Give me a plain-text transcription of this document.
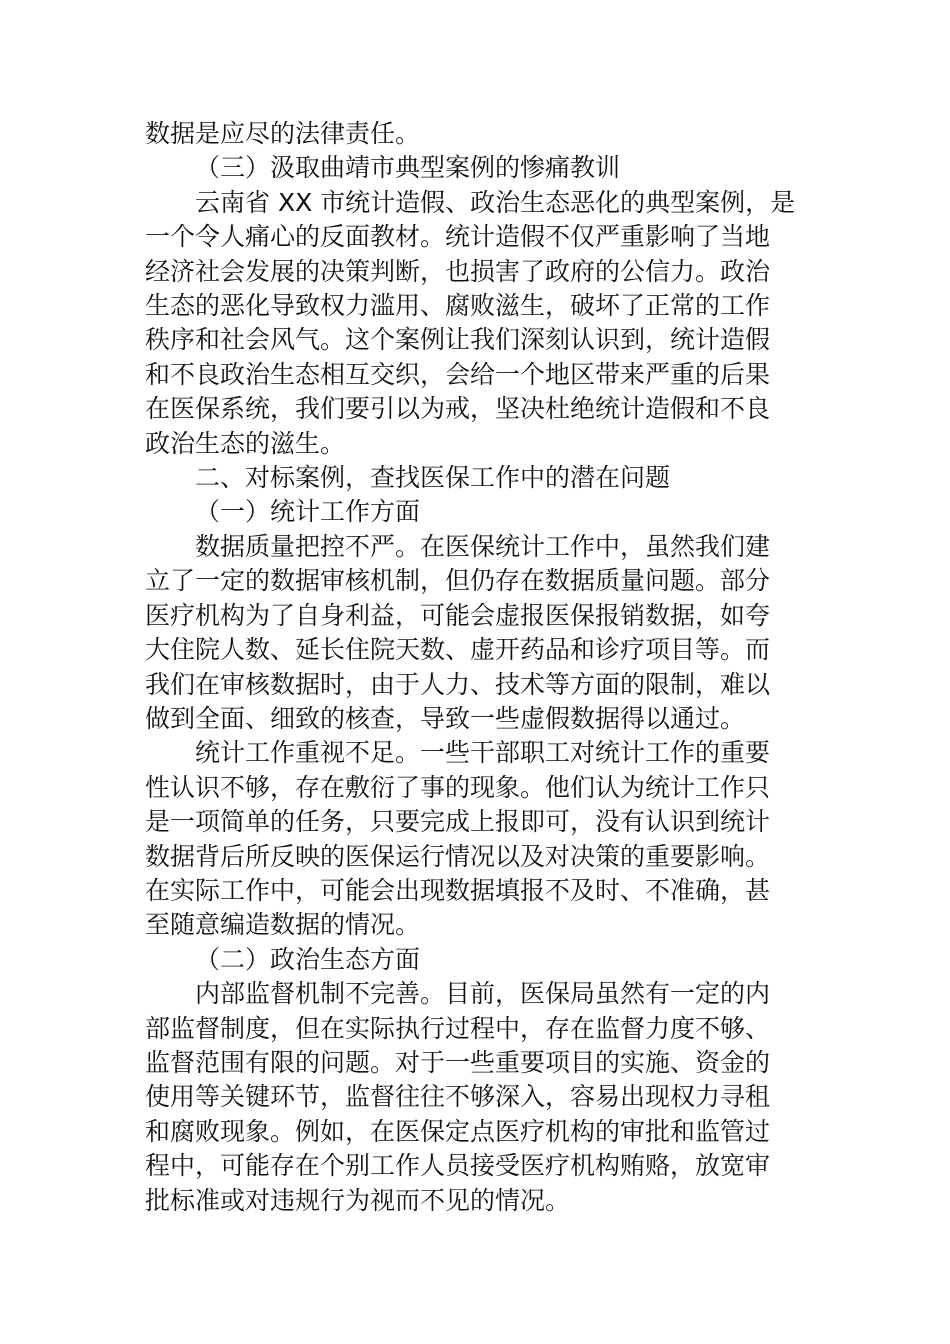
数据是应尽的法律责任。

（三）汲取曲靖市典型案例的惨痛教训

云南省 XX 市统计造假、政治生态恶化的典型案例，是
一个令人痛心的反面教材。统计造假不仅严重影响了当地
经济社会发展的决策判断，也损害了政府的公信力。政治
生态的恶化导致权力滥用、腐败滋生，破坏了正常的工作
秩序和社会风气。这个案例让我们深刻认识到，统计造假
和不良政治生态相互交织，会给一个地区带来严重的后果
在医保系统，我们要引以为戒，坚决杜绝统计造假和不良
政治生态的滋生。

二、对标案例，查找医保工作中的潜在问题

（一）统计工作方面

数据质量把控不严。在医保统计工作中，虽然我们建
立了一定的数据审核机制，但仍存在数据质量问题。部分
医疗机构为了自身利益，可能会虚报医保报销数据，如夸
大住院人数、延长住院天数、虚开药品和诊疗项目等。而
我们在审核数据时，由于人力、技术等方面的限制，难以
做到全面、细致的核查，导致一些虚假数据得以通过。

统计工作重视不足。一些干部职工对统计工作的重要
性认识不够，存在敷衍了事的现象。他们认为统计工作只
是一项简单的任务，只要完成上报即可，没有认识到统计
数据背后所反映的医保运行情况以及对决策的重要影响。
在实际工作中，可能会出现数据填报不及时、不准确，甚
至随意编造数据的情况。

（二）政治生态方面

内部监督机制不完善。目前，医保局虽然有一定的内
部监督制度，但在实际执行过程中，存在监督力度不够、
监督范围有限的问题。对于一些重要项目的实施、资金的
使用等关键环节，监督往往不够深入，容易出现权力寻租
和腐败现象。例如，在医保定点医疗机构的审批和监管过
程中，可能存在个别工作人员接受医疗机构贿赂，放宽审
批标准或对违规行为视而不见的情况。
